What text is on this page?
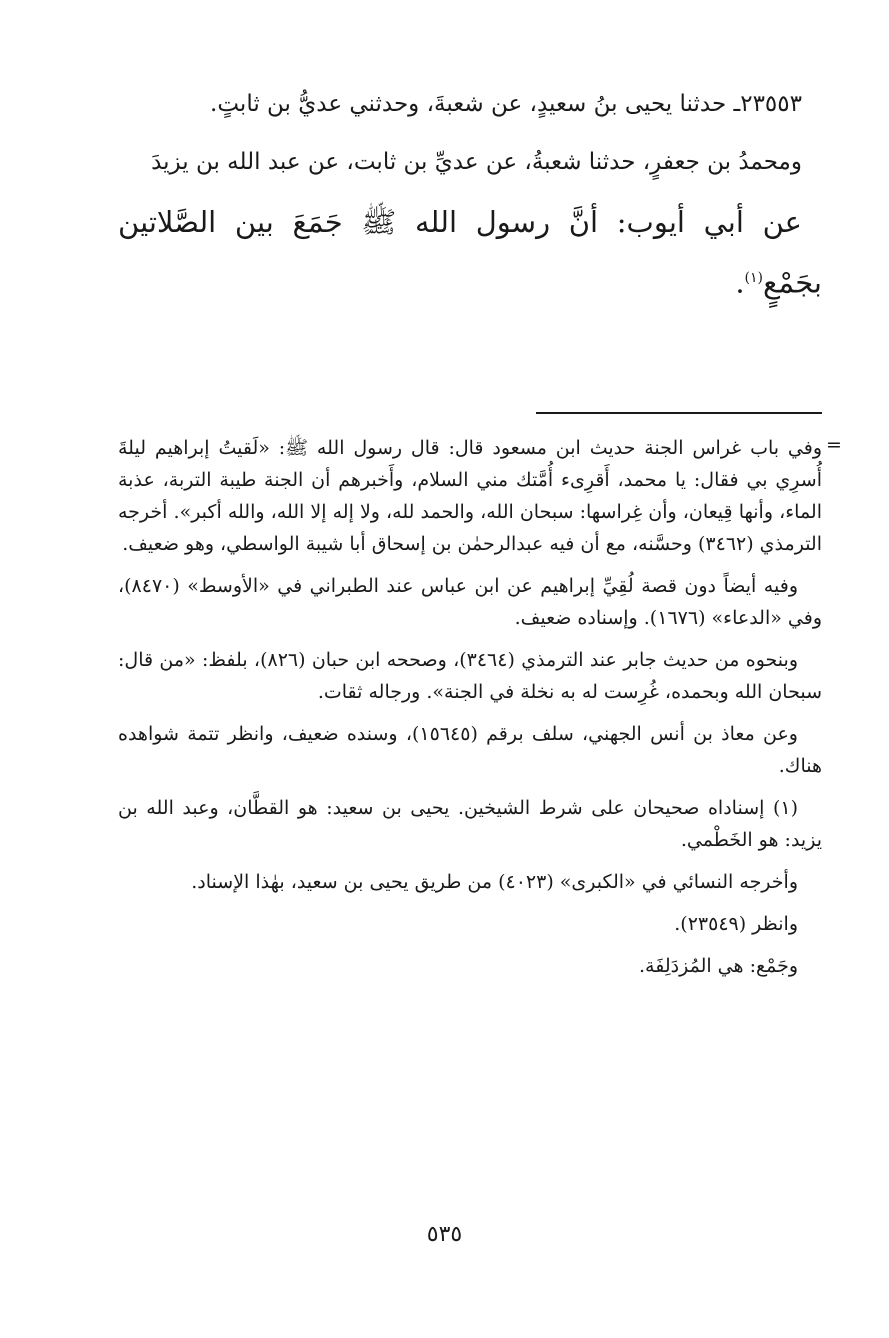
٢٣٥٥٣ـ حدثنا يحيى بنُ سعيدٍ، عن شعبةَ، وحدثني عديُّ بن ثابتٍ.

ومحمدُ بن جعفرٍ، حدثنا شعبةُ، عن عديِّ بن ثابت، عن عبد الله بن يزيدَ

عن أبي أيوب: أنَّ رسول الله ﷺ جَمَعَ بين الصَّلاتين بجَمْعٍ$^{(١)}$.

=

وفي باب غراس الجنة حديث ابن مسعود قال: قال رسول الله ﷺ: «لَقيتُ إبراهيم ليلةَ أُسرِي بي فقال: يا محمد، أَقرِىء أُمَّتك مني السلام، وأَخبرهم أن الجنة طيبة التربة، عذبة الماء، وأنها قِيعان، وأن غِراسها: سبحان الله، والحمد لله، ولا إله إلا الله، والله أكبر». أخرجه الترمذي (٣٤٦٢) وحسَّنه، مع أن فيه عبدالرحمٰن بن إسحاق أبا شيبة الواسطي، وهو ضعيف.

وفيه أيضاً دون قصة لُقِيِّ إبراهيم عن ابن عباس عند الطبراني في «الأوسط» (٨٤٧٠)، وفي «الدعاء» (١٦٧٦). وإسناده ضعيف.

وبنحوه من حديث جابر عند الترمذي (٣٤٦٤)، وصححه ابن حبان (٨٢٦)، بلفظ: «من قال: سبحان الله وبحمده، غُرِست له به نخلة في الجنة». ورجاله ثقات.

وعن معاذ بن أنس الجهني، سلف برقم (١٥٦٤٥)، وسنده ضعيف، وانظر تتمة شواهده هناك.

(١) إسناداه صحيحان على شرط الشيخين. يحيى بن سعيد: هو القطَّان، وعبد الله بن يزيد: هو الخَطْمي.

وأخرجه النسائي في «الكبرى» (٤٠٢٣) من طريق يحيى بن سعيد، بهٰذا الإسناد.

وانظر (٢٣٥٤٩).

وجَمْع: هي المُزدَلِفَة.

٥٣٥
